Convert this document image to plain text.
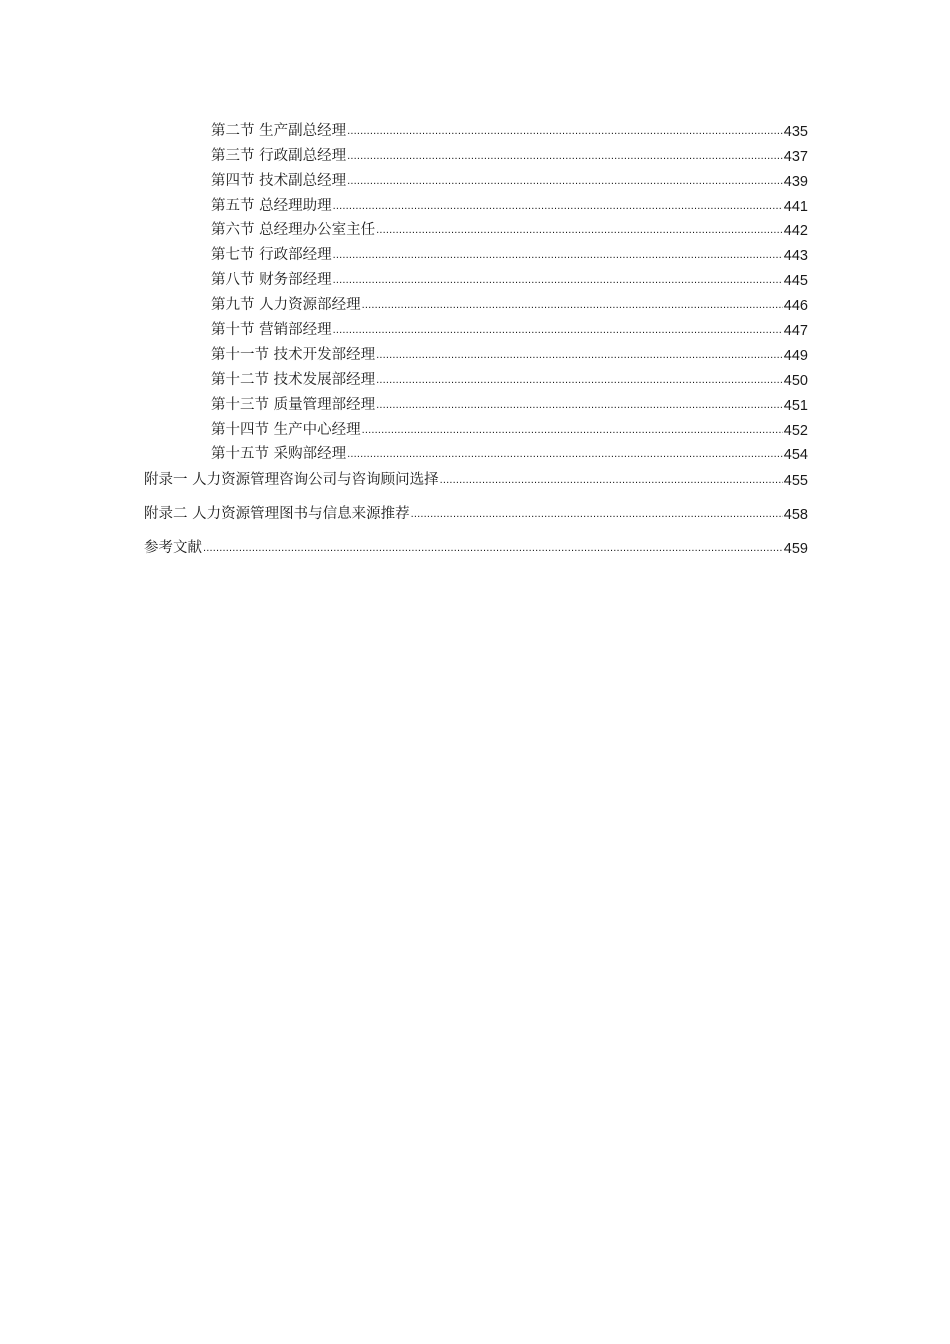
第二节 生产副总经理 .....	435
第三节 行政副总经理 .....	437
第四节 技术副总经理 .....	439
第五节 总经理助理 .....	441
第六节 总经理办公室主任 .....	442
第七节 行政部经理 .....	443
第八节 财务部经理 .....	445
第九节 人力资源部经理 .....	446
第十节 营销部经理 .....	447
第十一节 技术开发部经理 .....	449
第十二节 技术发展部经理 .....	450
第十三节 质量管理部经理 .....	451
第十四节 生产中心经理 .....	452
第十五节 采购部经理 .....	454
附录一 人力资源管理咨询公司与咨询顾问选择 .....	455
附录二 人力资源管理图书与信息来源推荐 .....	458
参考文献 .....	459
